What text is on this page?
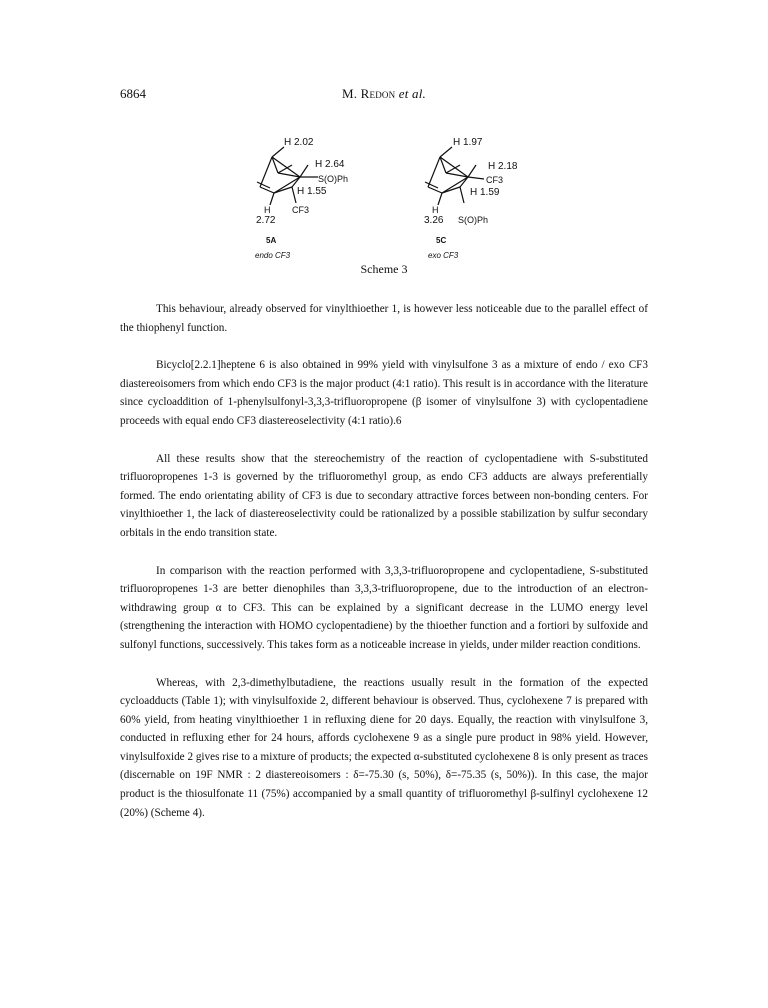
6864	M. Redon et al.
H 2.02
H 2.64
S(O)Ph
H 1.55
H
2.72
CF3
5A
endo CF3
H 1.97
H 2.18
CF3
H 1.59
H
3.26 S(O)Ph
5C
exo CF3
Scheme 3

This behaviour, already observed for vinylthioether 1, is however less noticeable due to the parallel effect of the thiophenyl function.

Bicyclo[2.2.1]heptene 6 is also obtained in 99% yield with vinylsulfone 3 as a mixture of endo / exo CF3 diastereoisomers from which endo CF3 is the major product (4:1 ratio). This result is in accordance with the literature since cycloaddition of 1-phenylsulfonyl-3,3,3-trifluoropropene (β isomer of vinylsulfone 3) with cyclopentadiene proceeds with equal endo CF3 diastereoselectivity (4:1 ratio).6

All these results show that the stereochemistry of the reaction of cyclopentadiene with S-substituted trifluoropropenes 1-3 is governed by the trifluoromethyl group, as endo CF3 adducts are always preferentially formed. The endo orientating ability of CF3 is due to secondary attractive forces between non-bonding centers. For vinylthioether 1, the lack of diastereoselectivity could be rationalized by a possible stabilization by sulfur secondary orbitals in the endo transition state.

In comparison with the reaction performed with 3,3,3-trifluoropropene and cyclopentadiene, S-substituted trifluoropropenes 1-3 are better dienophiles than 3,3,3-trifluoropropene, due to the introduction of an electron-withdrawing group α to CF3. This can be explained by a significant decrease in the LUMO energy level (strengthening the interaction with HOMO cyclopentadiene) by the thioether function and a fortiori by sulfoxide and sulfonyl functions, successively. This takes form as a noticeable increase in yields, under milder reaction conditions.

Whereas, with 2,3-dimethylbutadiene, the reactions usually result in the formation of the expected cycloadducts (Table 1); with vinylsulfoxide 2, different behaviour is observed. Thus, cyclohexene 7 is prepared with 60% yield, from heating vinylthioether 1 in refluxing diene for 20 days. Equally, the reaction with vinylsulfone 3, conducted in refluxing ether for 24 hours, affords cyclohexene 9 as a single pure product in 98% yield. However, vinylsulfoxide 2 gives rise to a mixture of products; the expected α-substituted cyclohexene 8 is only present as traces (discernable on 19F NMR : 2 diastereoisomers : δ=-75.30 (s, 50%), δ=-75.35 (s, 50%)). In this case, the major product is the thiosulfonate 11 (75%) accompanied by a small quantity of trifluoromethyl β-sulfinyl cyclohexene 12 (20%) (Scheme 4).
